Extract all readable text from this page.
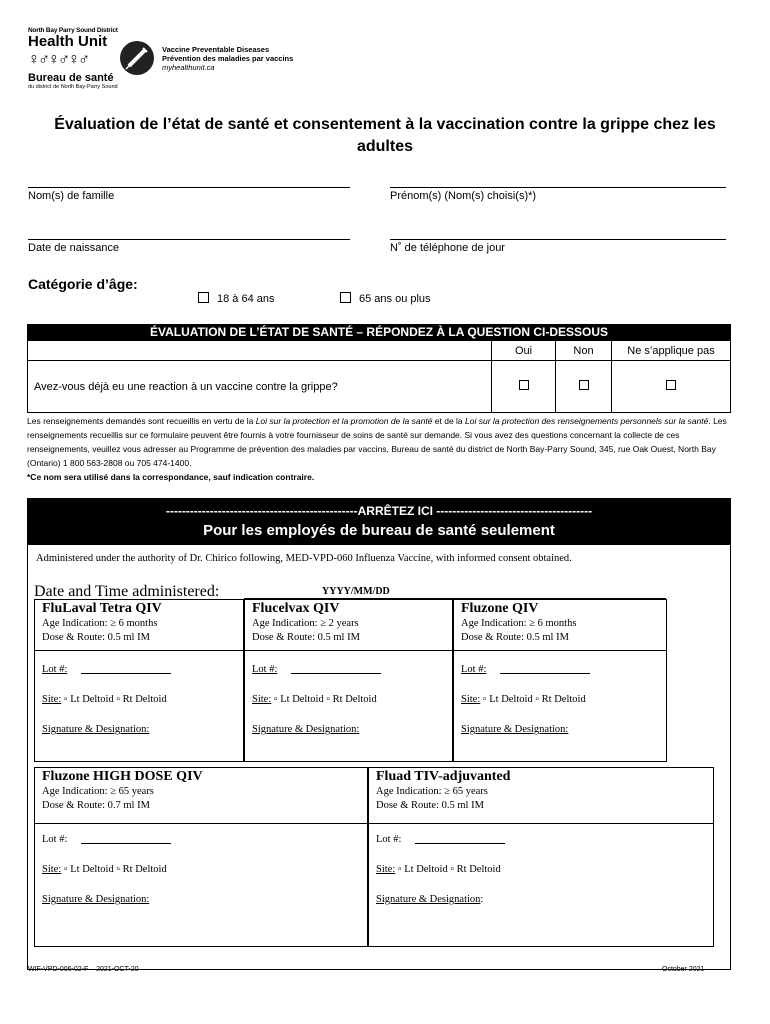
North Bay Parry Sound District
Health Unit
♀♂♀♂♀♂
Bureau de santé
du district de North Bay-Parry Sound
Vaccine Preventable Diseases
Prévention des maladies par vaccins
myhealthunit.ca
Évaluation de l’état de santé et consentement à la vaccination contre la grippe chez les adultes
Nom(s) de famille	Prénom(s) (Nom(s) choisi(s)*)
Date de naissance	N˚ de téléphone de jour
Catégorie d’âge:
18 à 64 ans	65 ans ou plus
ÉVALUATION DE L’ÉTAT DE SANTÉ – RÉPONDEZ À LA QUESTION CI-DESSOUS
	Oui	Non	Ne s’applique pas
Avez-vous déjà eu une reaction à un vaccine contre la grippe?			
Les renseignements demandés sont recueillis en vertu de la Loi sur la protection et la promotion de la santé et de la Loi sur la protection des renseignements personnels sur la santé. Les renseignements recueillis sur ce formulaire peuvent être fournis à votre fournisseur de soins de santé sur demande. Si vous avez des questions concernant la collecte de ces renseignements, veuillez vous adresser au Programme de prévention des maladies par vaccins, Bureau de santé du district de North Bay-Parry Sound, 345, rue Oak Ouest, North Bay (Ontario) 1 800 563-2808 ou 705 474-1400.
*Ce nom sera utilisé dans la correspondance, sauf indication contraire.
------------------------------------------------ARRÊTEZ ICI ---------------------------------------
Pour les employés de bureau de santé seulement
Administered under the authority of Dr. Chirico following, MED-VPD-060 Influenza Vaccine, with informed consent obtained.
Date and Time administered:	YYYY/MM/DD
FluLaval Tetra QIV
Age Indication: ≥ 6 months
Dose & Route: 0.5 ml IM
Lot #:
Site: ▫ Lt Deltoid ▫ Rt Deltoid
Signature & Designation:
Flucelvax QIV
Age Indication: ≥ 2 years
Dose & Route: 0.5 ml IM
Lot #:
Site: ▫ Lt Deltoid ▫ Rt Deltoid
Signature & Designation:
Fluzone QIV
Age Indication: ≥ 6 months
Dose & Route: 0.5 ml IM
Lot #:
Site: ▫ Lt Deltoid ▫ Rt Deltoid
Signature & Designation:
Fluzone HIGH DOSE QIV
Age Indication: ≥ 65 years
Dose & Route: 0.7 ml IM
Lot #:
Site: ▫ Lt Deltoid ▫ Rt Deltoid
Signature & Designation:
Fluad TIV-adjuvanted
Age Indication: ≥ 65 years
Dose & Route: 0.5 ml IM
Lot #:
Site: ▫ Lt Deltoid ▫ Rt Deltoid
Signature & Designation:
WIF-VPD-006-02-F – 2021-OCT-20	October 2021
